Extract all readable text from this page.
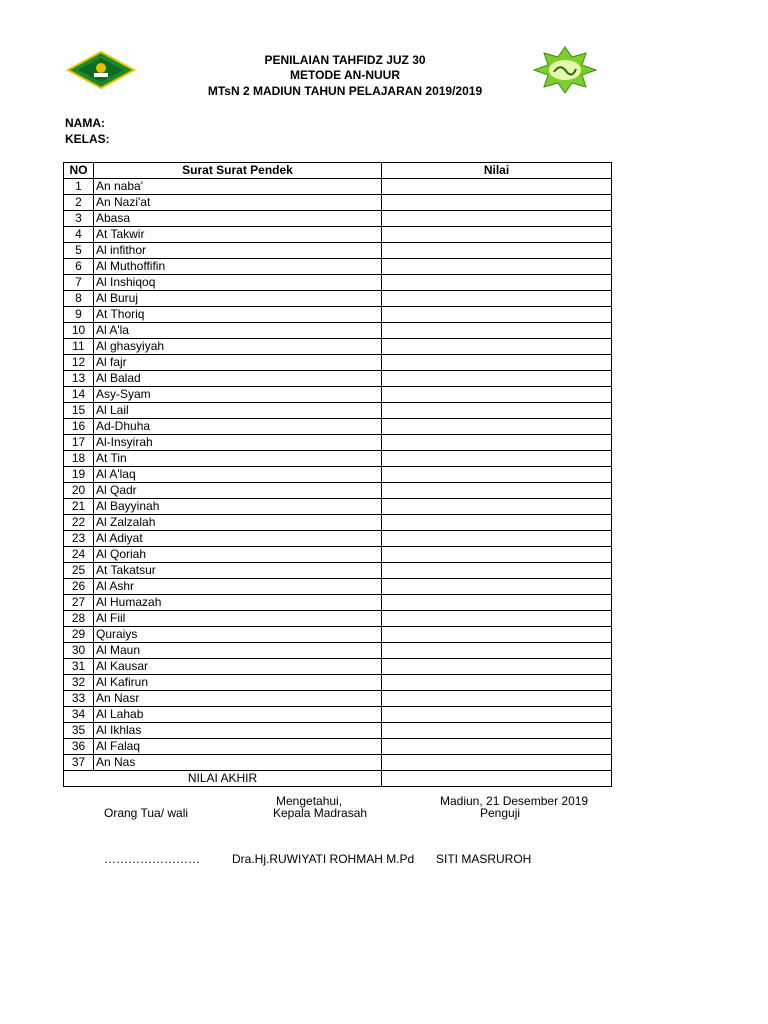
PENILAIAN TAHFIDZ JUZ 30
METODE AN-NUUR
MTsN 2 MADIUN TAHUN PELAJARAN 2019/2019
NAMA:
KELAS:
NO	Surat Surat Pendek	Nilai
1	An naba'	
2	An Nazi'at	
3	Abasa	
4	At Takwir	
5	Al infithor	
6	Al Muthoffifin	
7	Al Inshiqoq	
8	Al Buruj	
9	At Thoriq	
10	Al A'la	
11	Al ghasyiyah	
12	Al fajr	
13	Al Balad	
14	Asy-Syam	
15	Al Lail	
16	Ad-Dhuha	
17	Al-Insyirah	
18	At Tin	
19	Al A'laq	
20	Al Qadr	
21	Al Bayyinah	
22	Al Zalzalah	
23	Al Adiyat	
24	Al Qoriah	
25	At Takatsur	
26	Al Ashr	
27	Al Humazah	
28	Al Fiil	
29	Quraiys	
30	Al Maun	
31	Al Kausar	
32	Al Kafirun	
33	An Nasr	
34	Al Lahab	
35	Al Ikhlas	
36	Al Falaq	
37	An Nas	
NILAI AKHIR		
Mengetahui,	Madiun, 21 Desember 2019
Orang Tua/ wali	Kepala Madrasah	Penguji
……………………	Dra.Hj.RUWIYATI ROHMAH M.Pd SITI MASRUROH
